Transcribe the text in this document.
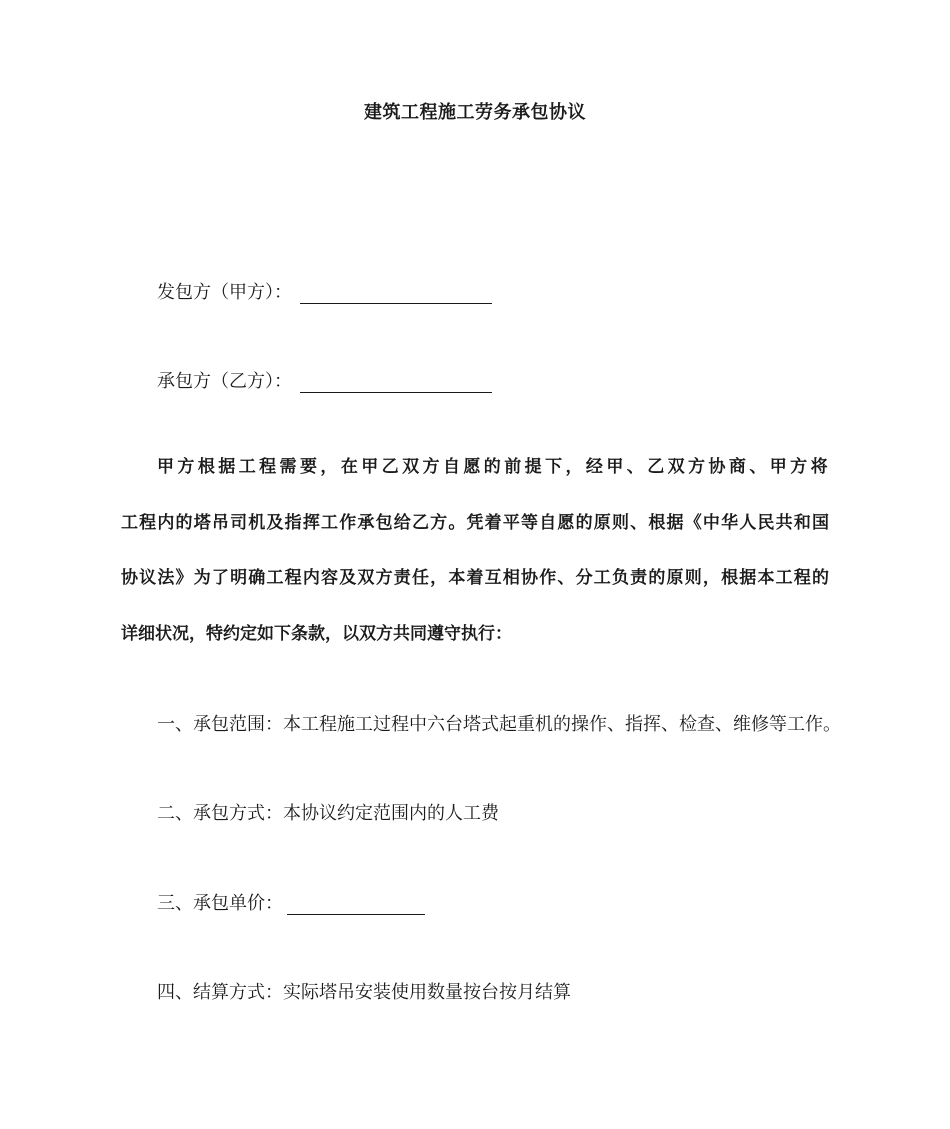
建筑工程施工劳务承包协议
发包方（甲方）：
承包方（乙方）：
甲方根据工程需要，在甲乙双方自愿的前提下，经甲、乙双方协商、甲方将
工程内的塔吊司机及指挥工作承包给乙方。凭着平等自愿的原则、根据《中华人民共和国
协议法》为了明确工程内容及双方责任，本着互相协作、分工负责的原则，根据本工程的
详细状况，特约定如下条款，以双方共同遵守执行：
一、承包范围：本工程施工过程中六台塔式起重机的操作、指挥、检查、维修等工作。
二、承包方式：本协议约定范围内的人工费
三、承包单价：
四、结算方式：实际塔吊安装使用数量按台按月结算
